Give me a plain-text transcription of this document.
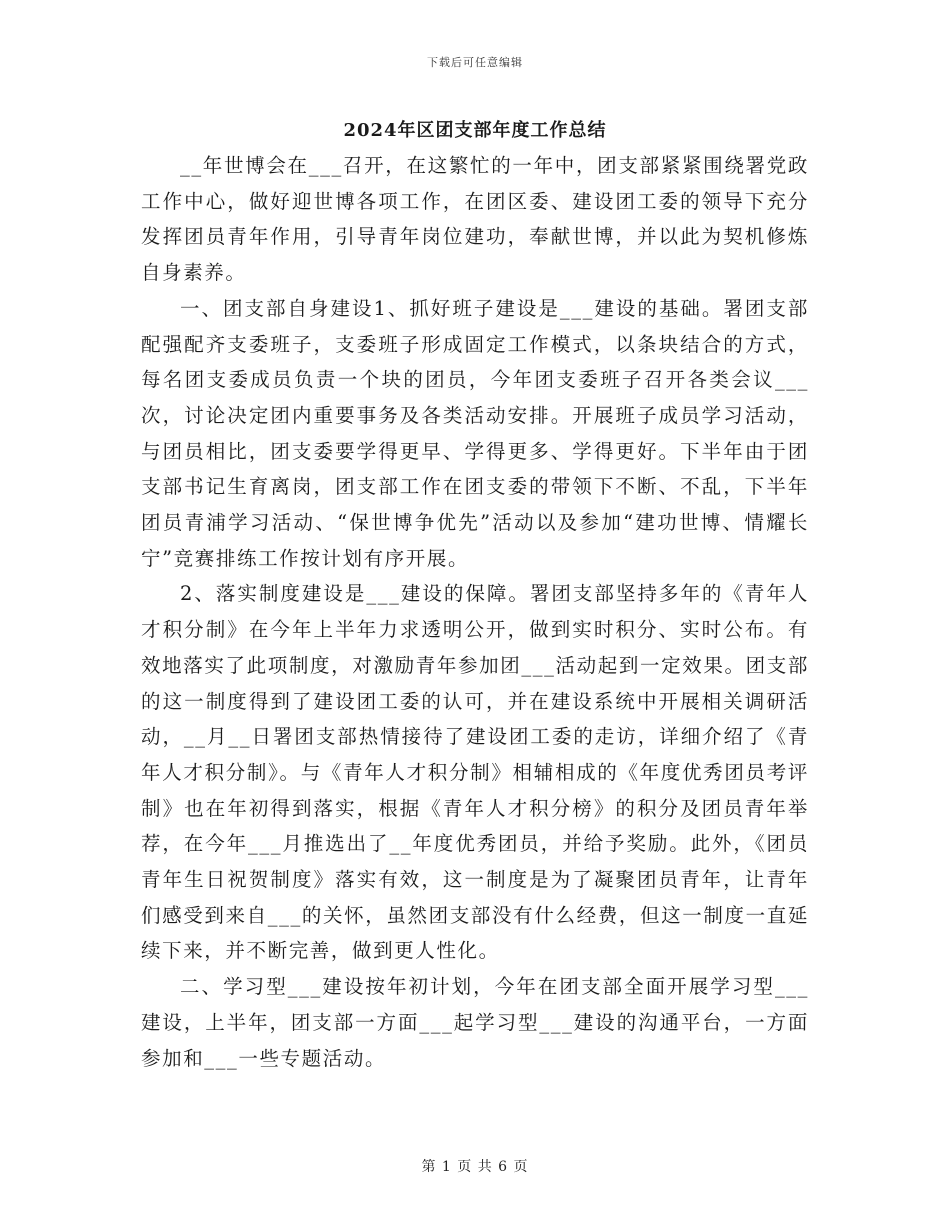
下载后可任意编辑
2024年区团支部年度工作总结

__年世博会在___召开，在这繁忙的一年中，团支部紧紧围绕署党政工作中心，做好迎世博各项工作，在团区委、建设团工委的领导下充分发挥团员青年作用，引导青年岗位建功，奉献世博，并以此为契机修炼自身素养。

一、团支部自身建设1、抓好班子建设是___建设的基础。署团支部配强配齐支委班子，支委班子形成固定工作模式，以条块结合的方式，每名团支委成员负责一个块的团员，今年团支委班子召开各类会议___次，讨论决定团内重要事务及各类活动安排。开展班子成员学习活动，与团员相比，团支委要学得更早、学得更多、学得更好。下半年由于团支部书记生育离岗，团支部工作在团支委的带领下不断、不乱，下半年团员青浦学习活动、“保世博争优先”活动以及参加“建功世博、情耀长宁”竞赛排练工作按计划有序开展。

2、落实制度建设是___建设的保障。署团支部坚持多年的《青年人才积分制》在今年上半年力求透明公开，做到实时积分、实时公布。有效地落实了此项制度，对激励青年参加团___活动起到一定效果。团支部的这一制度得到了建设团工委的认可，并在建设系统中开展相关调研活动，__月__日署团支部热情接待了建设团工委的走访，详细介绍了《青年人才积分制》。与《青年人才积分制》相辅相成的《年度优秀团员考评制》也在年初得到落实，根据《青年人才积分榜》的积分及团员青年举荐，在今年___月推选出了__年度优秀团员，并给予奖励。此外，《团员青年生日祝贺制度》落实有效，这一制度是为了凝聚团员青年，让青年们感受到来自___的关怀，虽然团支部没有什么经费，但这一制度一直延续下来，并不断完善，做到更人性化。

二、学习型___建设按年初计划，今年在团支部全面开展学习型___建设，上半年，团支部一方面___起学习型___建设的沟通平台，一方面参加和___一些专题活动。

第 1 页 共 6 页
